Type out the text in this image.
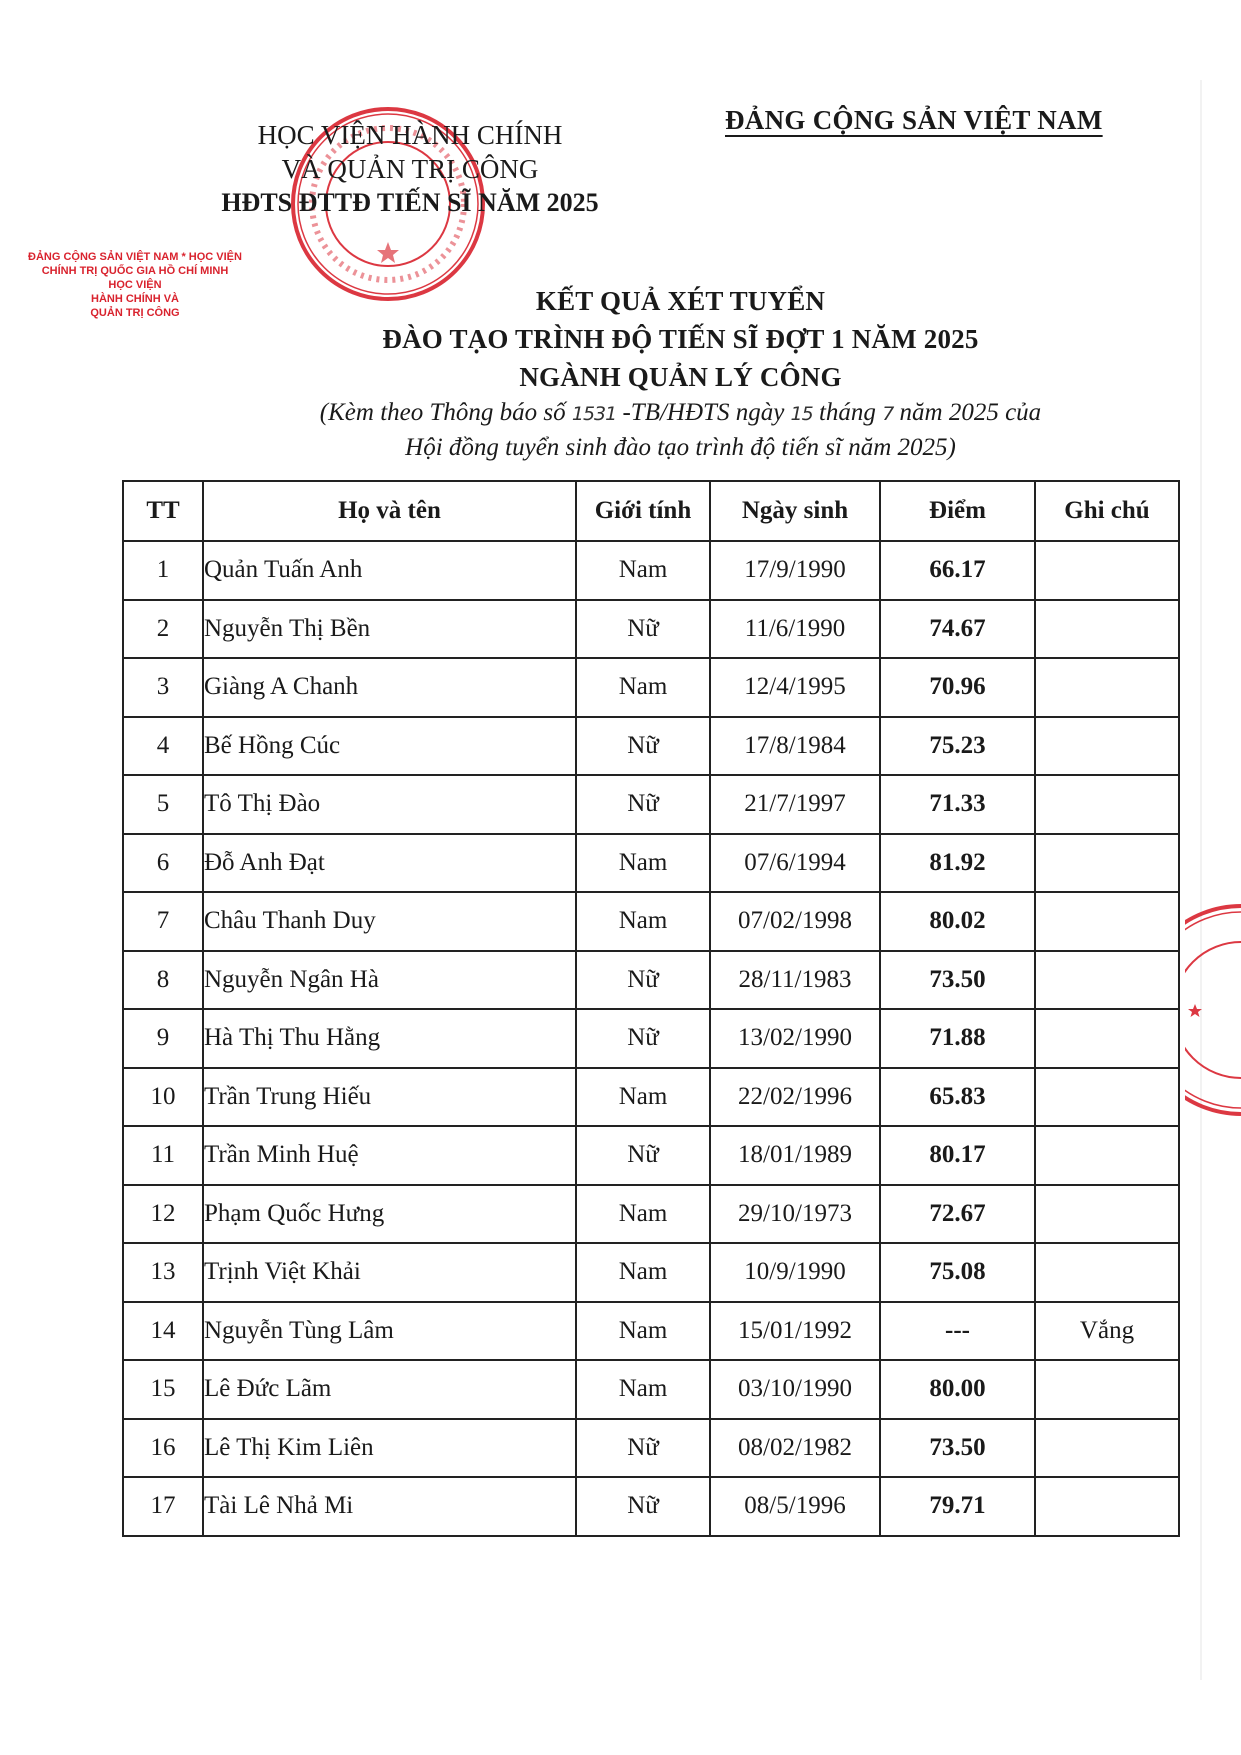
HỌC VIỆN HÀNH CHÍNH
VÀ QUẢN TRỊ CÔNG
HĐTS ĐTTĐ TIẾN SĨ NĂM 2025
ĐẢNG CỘNG SẢN VIỆT NAM * HỌC VIỆN CHÍNH TRỊ QUỐC GIA HỒ CHÍ MINH
HỌC VIỆN
HÀNH CHÍNH VÀ
QUẢN TRỊ CÔNG
ĐẢNG CỘNG SẢN VIỆT NAM
KẾT QUẢ XÉT TUYỂN
ĐÀO TẠO TRÌNH ĐỘ TIẾN SĨ ĐỢT 1 NĂM 2025
NGÀNH QUẢN LÝ CÔNG
(Kèm theo Thông báo số 1531 -TB/HĐTS ngày 15 tháng 7 năm 2025 của
Hội đồng tuyển sinh đào tạo trình độ tiến sĩ năm 2025)
TT	Họ và tên	Giới tính	Ngày sinh	Điểm	Ghi chú
1	Quản Tuấn Anh	Nam	17/9/1990	66.17	
2	Nguyễn Thị Bền	Nữ	11/6/1990	74.67	
3	Giàng A Chanh	Nam	12/4/1995	70.96	
4	Bế Hồng Cúc	Nữ	17/8/1984	75.23	
5	Tô Thị Đào	Nữ	21/7/1997	71.33	
6	Đỗ Anh Đạt	Nam	07/6/1994	81.92	
7	Châu Thanh Duy	Nam	07/02/1998	80.02	
8	Nguyễn Ngân Hà	Nữ	28/11/1983	73.50	
9	Hà Thị Thu Hằng	Nữ	13/02/1990	71.88	
10	Trần Trung Hiếu	Nam	22/02/1996	65.83	
11	Trần Minh Huệ	Nữ	18/01/1989	80.17	
12	Phạm Quốc Hưng	Nam	29/10/1973	72.67	
13	Trịnh Việt Khải	Nam	10/9/1990	75.08	
14	Nguyễn Tùng Lâm	Nam	15/01/1992	---	Vắng
15	Lê Đức Lãm	Nam	03/10/1990	80.00	
16	Lê Thị Kim Liên	Nữ	08/02/1982	73.50	
17	Tài Lê Nhả Mi	Nữ	08/5/1996	79.71	
